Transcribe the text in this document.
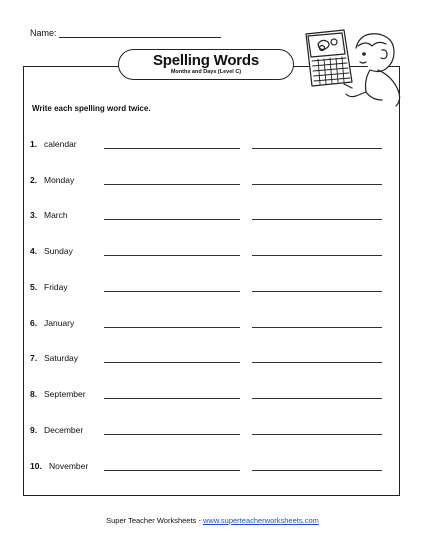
Name:
Spelling Words
Months and Days (Level C)
Write each spelling word twice.
1. calendar
2. Monday
3. March
4. Sunday
5. Friday
6. January
7. Saturday
8. September
9. December
10. November
Super Teacher Worksheets - www.superteacherworksheets.com
